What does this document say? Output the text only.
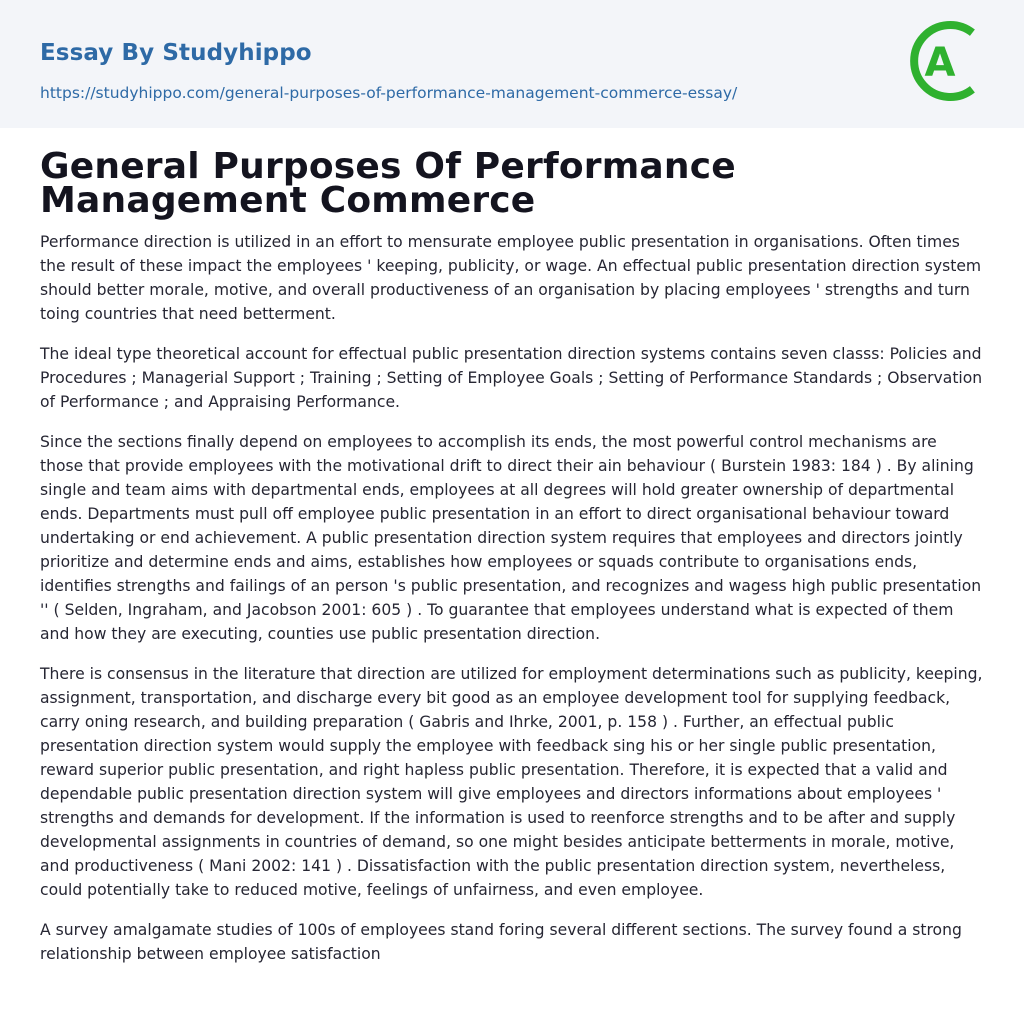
Essay By Studyhippo
https://studyhippo.com/general-purposes-of-performance-management-commerce-essay/
A
General Purposes Of Performance Management Commerce

Performance direction is utilized in an effort to mensurate employee public presentation in organisations. Often times the result of these impact the employees ' keeping, publicity, or wage. An effectual public presentation direction system should better morale, motive, and overall productiveness of an organisation by placing employees ' strengths and turn toing countries that need betterment.

The ideal type theoretical account for effectual public presentation direction systems contains seven classs: Policies and Procedures ; Managerial Support ; Training ; Setting of Employee Goals ; Setting of Performance Standards ; Observation of Performance ; and Appraising Performance.

Since the sections finally depend on employees to accomplish its ends, the most powerful control mechanisms are those that provide employees with the motivational drift to direct their ain behaviour ( Burstein 1983: 184 ) . By alining single and team aims with departmental ends, employees at all degrees will hold greater ownership of departmental ends. Departments must pull off employee public presentation in an effort to direct organisational behaviour toward undertaking or end achievement. A public presentation direction system requires that employees and directors jointly prioritize and determine ends and aims, establishes how employees or squads contribute to organisations ends, identifies strengths and failings of an person 's public presentation, and recognizes and wagess high public presentation '' ( Selden, Ingraham, and Jacobson 2001: 605 ) . To guarantee that employees understand what is expected of them and how they are executing, counties use public presentation direction.

There is consensus in the literature that direction are utilized for employment determinations such as publicity, keeping, assignment, transportation, and discharge every bit good as an employee development tool for supplying feedback, carry oning research, and building preparation ( Gabris and Ihrke, 2001, p. 158 ) . Further, an effectual public presentation direction system would supply the employee with feedback sing his or her single public presentation, reward superior public presentation, and right hapless public presentation. Therefore, it is expected that a valid and dependable public presentation direction system will give employees and directors informations about employees ' strengths and demands for development. If the information is used to reenforce strengths and to be after and supply developmental assignments in countries of demand, so one might besides anticipate betterments in morale, motive, and productiveness ( Mani 2002: 141 ) . Dissatisfaction with the public presentation direction system, nevertheless, could potentially take to reduced motive, feelings of unfairness, and even employee.

A survey amalgamate studies of 100s of employees stand foring several different sections. The survey found a strong relationship between employee satisfaction
